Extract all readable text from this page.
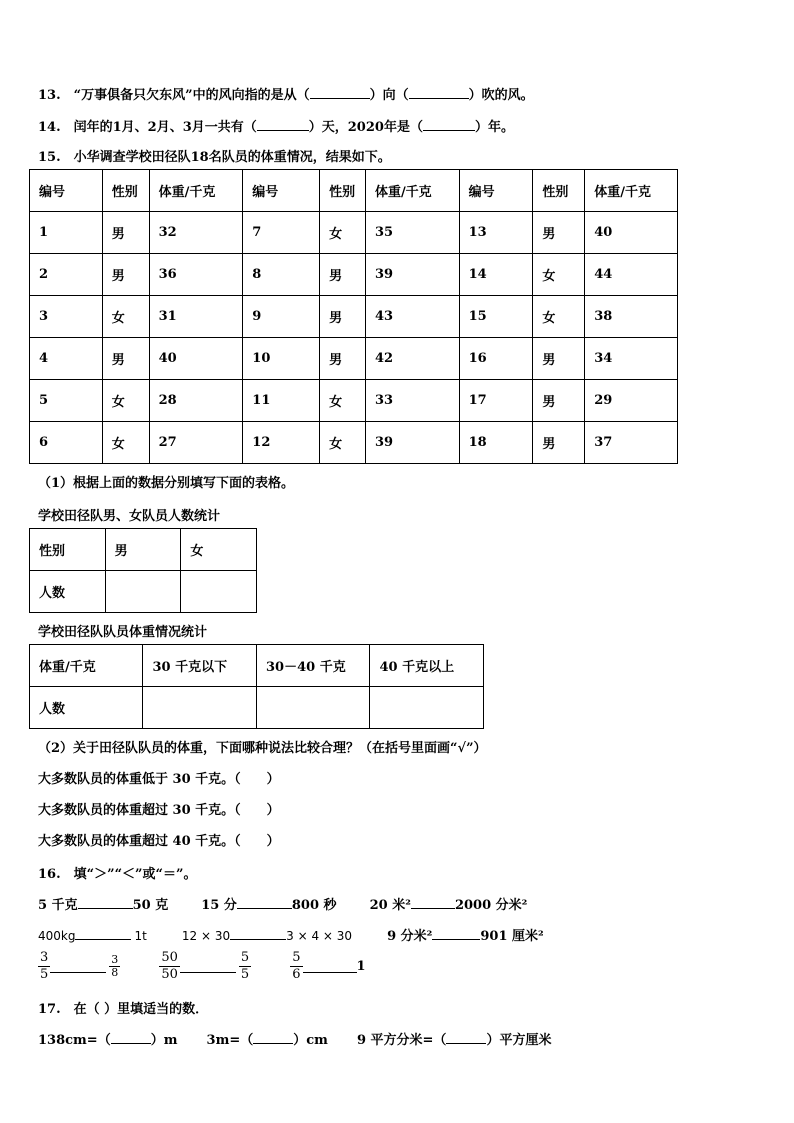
13.　“万事俱备只欠东风”中的风向指的是从（	）向（	）吹的风。
14.　闰年的1月、2月、3月一共有（	）天，2020年是（	）年。
15.　小华调查学校田径队18名队员的体重情况，结果如下。
编号	性别	体重/千克	编号	性别	体重/千克	编号	性别	体重/千克
1	男	32	7	女	35	13	男	40
2	男	36	8	男	39	14	女	44
3	女	31	9	男	43	15	女	38
4	男	40	10	男	42	16	男	34
5	女	28	11	女	33	17	男	29
6	女	27	12	女	39	18	男	37
（1）根据上面的数据分别填写下面的表格。
学校田径队男、女队员人数统计
性别	男	女
人数		
学校田径队队员体重情况统计
体重/千克	30 千克以下	30－40 千克	40 千克以上
人数			
（2）关于田径队队员的体重，下面哪种说法比较合理？（在括号里面画“√”）
大多数队员的体重低于 30 千克。（　　）
大多数队员的体重超过 30 千克。（　　）
大多数队员的体重超过 40 千克。（　　）
16.　填“＞”“＜”或“＝”。
5 千克	50 克	15 分	800 秒	20 米²	2000 分米²
400kg	1t	12 × 30	3 × 4 × 30	9 分米²	901 厘米²
$\frac{3}{5}$	$\frac{3}{8}$
	$\frac{50}{50}$	$\frac{5}{5}$
	$\frac{5}{6}$	1
17.　在（ ）里填适当的数．
138cm=（	）m 3m=（	）cm 9 平方分米=（	）平方厘米
